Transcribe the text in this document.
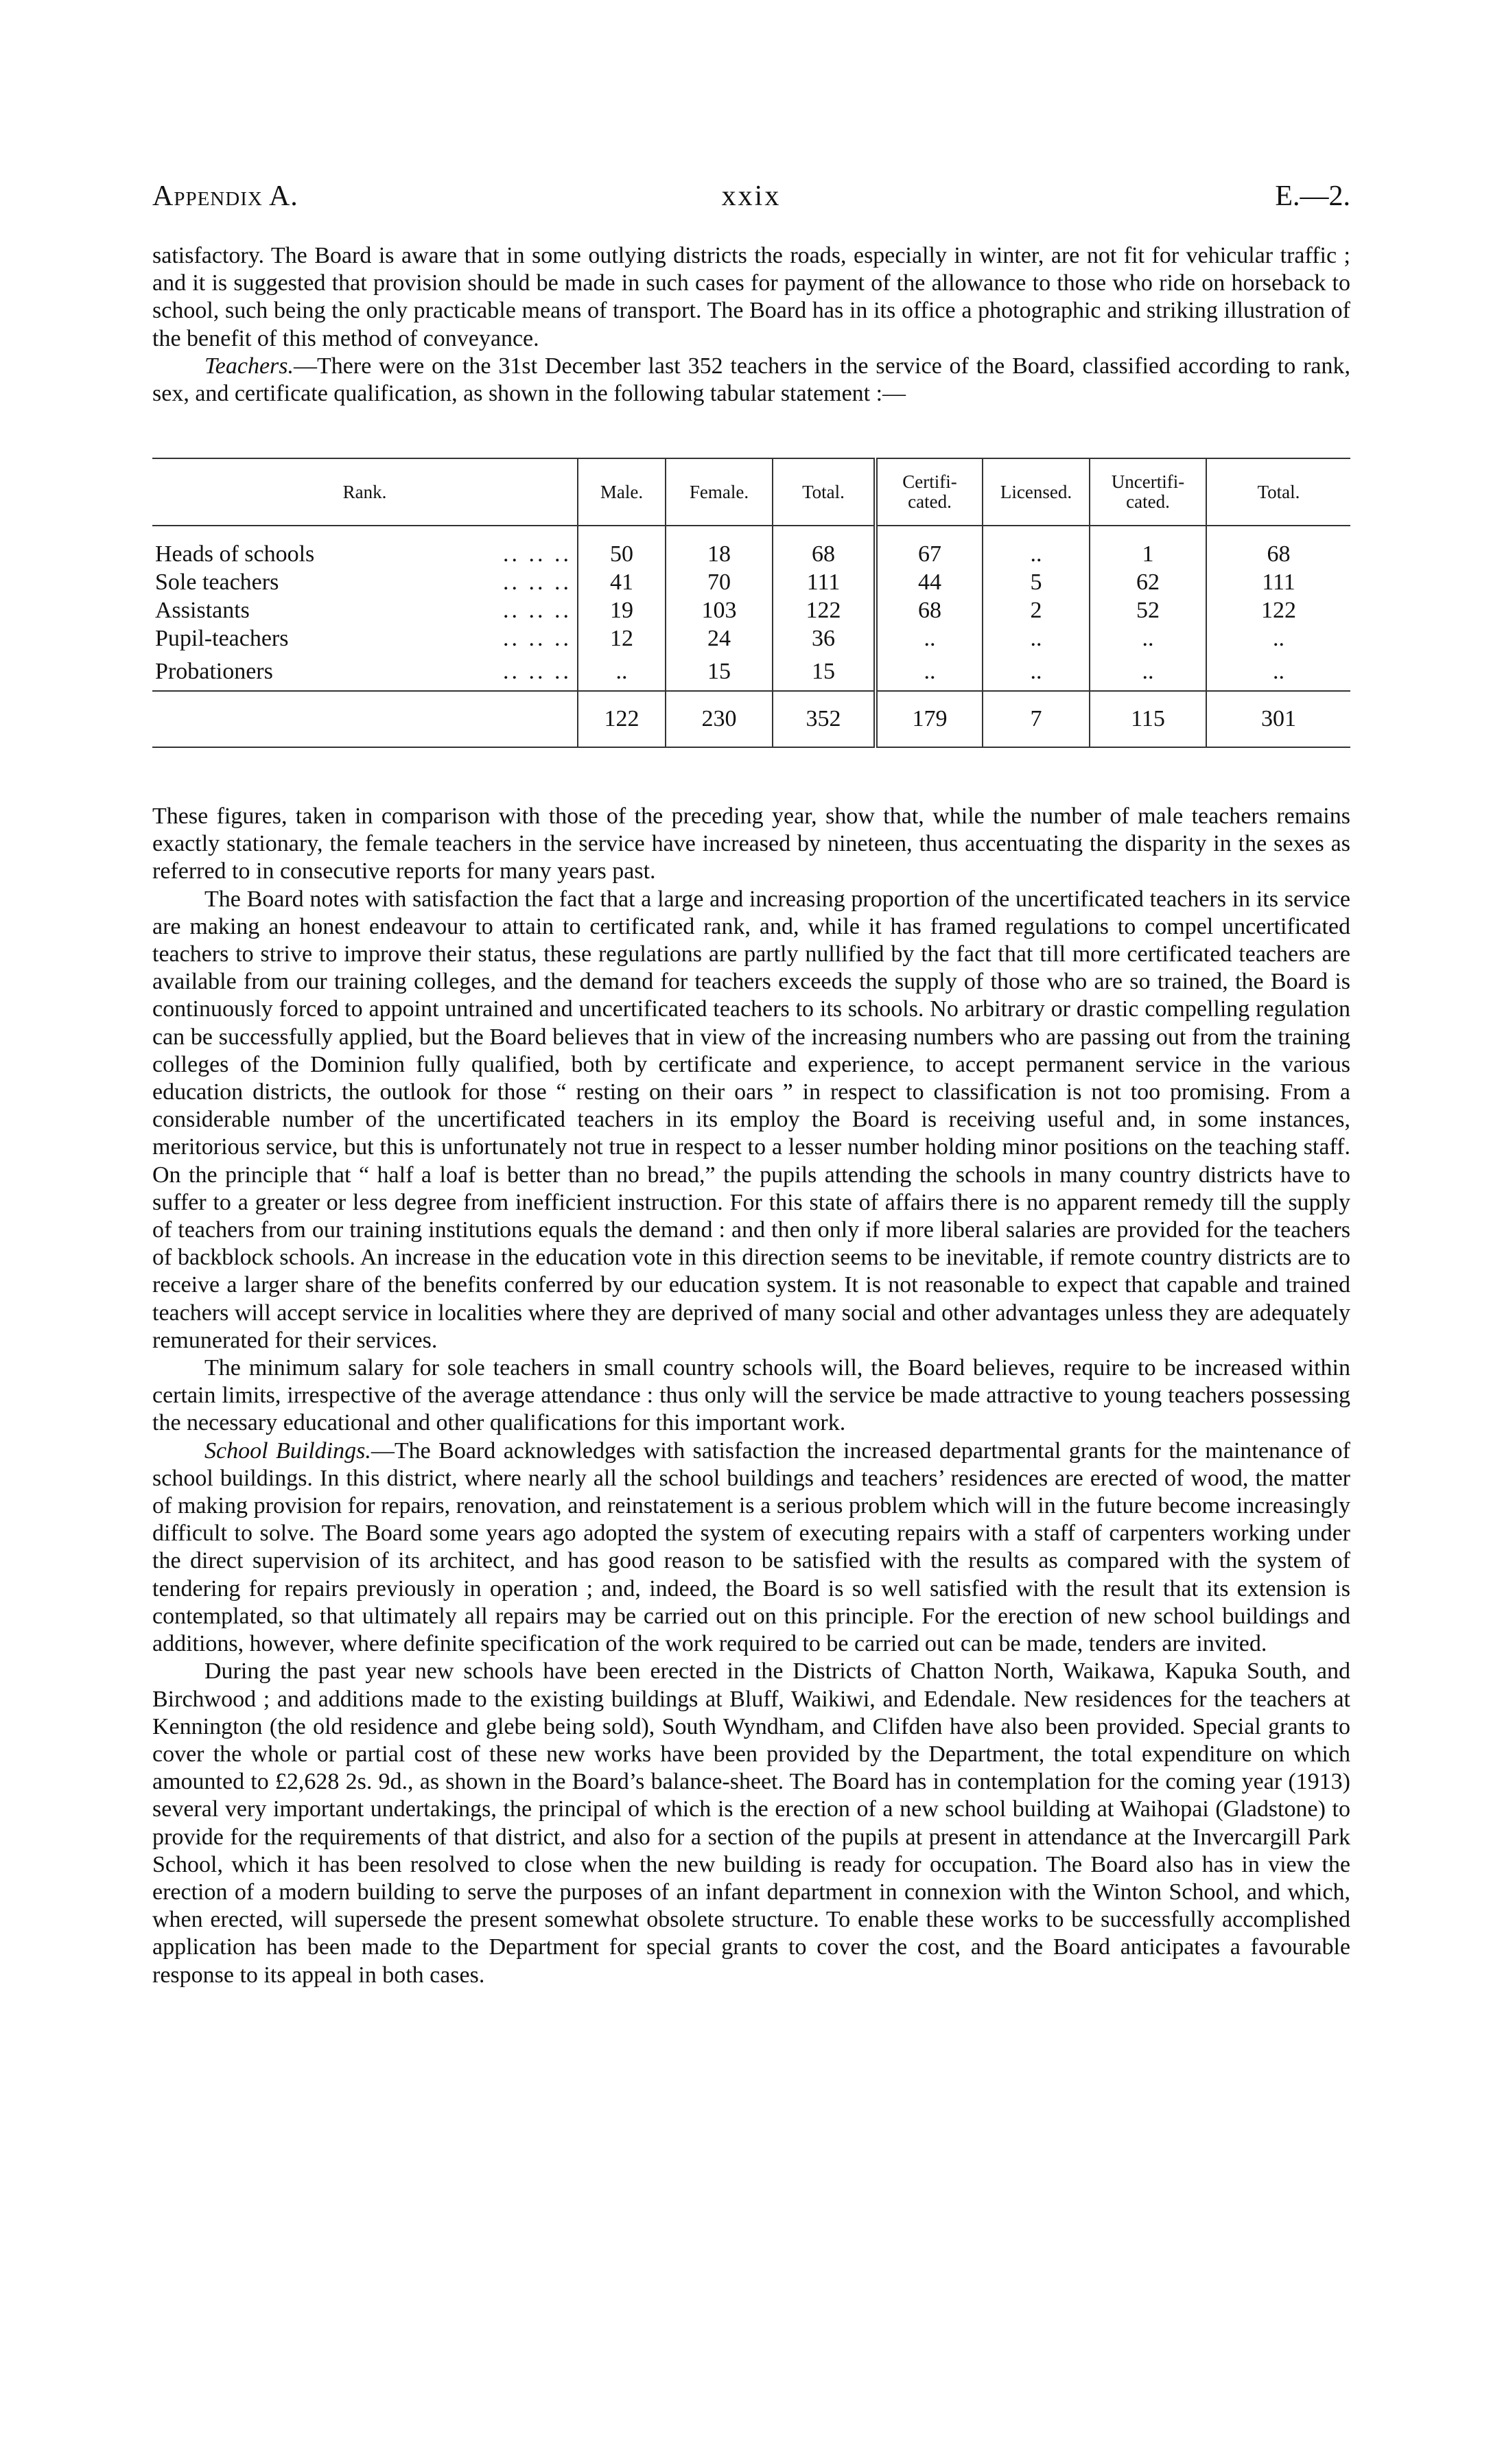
Appendix A.	xxix	E.—2.

satisfactory. The Board is aware that in some outlying districts the roads, especially in winter, are not fit for vehicular traffic ; and it is suggested that provision should be made in such cases for payment of the allowance to those who ride on horseback to school, such being the only practicable means of transport. The Board has in its office a photographic and striking illustration of the benefit of this method of conveyance.

Teachers.—There were on the 31st December last 352 teachers in the service of the Board, classified according to rank, sex, and certificate qualification, as shown in the following tabular statement :—

Rank.	Male.	Female.	Total.	Certifi-cated.	Licensed.	Uncertifi-cated.	Total.

Heads of schools .. .. ..	50	18	68	67	..	1	68
Sole teachers .. .. ..	41	70	111	44	5	62	111
Assistants .. .. ..	19	103	122	68	2	52	122
Pupil-teachers .. .. ..	12	24	36	..	..	..	..
Probationers .. .. ..	..	15	15	..	..	..	..
	122	230	352	179	7	115	301

These figures, taken in comparison with those of the preceding year, show that, while the number of male teachers remains exactly stationary, the female teachers in the service have increased by nineteen, thus accentuating the disparity in the sexes as referred to in consecutive reports for many years past.

The Board notes with satisfaction the fact that a large and increasing proportion of the uncertificated teachers in its service are making an honest endeavour to attain to certificated rank, and, while it has framed regulations to compel uncertificated teachers to strive to improve their status, these regulations are partly nullified by the fact that till more certificated teachers are available from our training colleges, and the demand for teachers exceeds the supply of those who are so trained, the Board is continuously forced to appoint untrained and uncertificated teachers to its schools. No arbitrary or drastic compelling regulation can be successfully applied, but the Board believes that in view of the increasing numbers who are passing out from the training colleges of the Dominion fully qualified, both by certificate and experience, to accept permanent service in the various education districts, the outlook for those “ resting on their oars ” in respect to classification is not too promising. From a considerable number of the uncertificated teachers in its employ the Board is receiving useful and, in some instances, meritorious service, but this is unfortunately not true in respect to a lesser number holding minor positions on the teaching staff. On the principle that “ half a loaf is better than no bread,” the pupils attending the schools in many country districts have to suffer to a greater or less degree from inefficient instruction. For this state of affairs there is no apparent remedy till the supply of teachers from our training institutions equals the demand : and then only if more liberal salaries are provided for the teachers of backblock schools. An increase in the education vote in this direction seems to be inevitable, if remote country districts are to receive a larger share of the benefits conferred by our education system. It is not reasonable to expect that capable and trained teachers will accept service in localities where they are deprived of many social and other advantages unless they are adequately remunerated for their services.

The minimum salary for sole teachers in small country schools will, the Board believes, require to be increased within certain limits, irrespective of the average attendance : thus only will the service be made attractive to young teachers possessing the necessary educational and other qualifications for this important work.

School Buildings.—The Board acknowledges with satisfaction the increased departmental grants for the maintenance of school buildings. In this district, where nearly all the school buildings and teachers’ residences are erected of wood, the matter of making provision for repairs, renovation, and reinstatement is a serious problem which will in the future become increasingly difficult to solve. The Board some years ago adopted the system of executing repairs with a staff of carpenters working under the direct supervision of its architect, and has good reason to be satisfied with the results as compared with the system of tendering for repairs previously in operation ; and, indeed, the Board is so well satisfied with the result that its extension is contemplated, so that ultimately all repairs may be carried out on this principle. For the erection of new school buildings and additions, however, where definite specification of the work required to be carried out can be made, tenders are invited.

During the past year new schools have been erected in the Districts of Chatton North, Waikawa, Kapuka South, and Birchwood ; and additions made to the existing buildings at Bluff, Waikiwi, and Edendale. New residences for the teachers at Kennington (the old residence and glebe being sold), South Wyndham, and Clifden have also been provided. Special grants to cover the whole or partial cost of these new works have been provided by the Department, the total expenditure on which amounted to £2,628 2s. 9d., as shown in the Board’s balance-sheet. The Board has in contemplation for the coming year (1913) several very important undertakings, the principal of which is the erection of a new school building at Waihopai (Gladstone) to provide for the requirements of that district, and also for a section of the pupils at present in attendance at the Invercargill Park School, which it has been resolved to close when the new building is ready for occupation. The Board also has in view the erection of a modern building to serve the purposes of an infant department in connexion with the Winton School, and which, when erected, will supersede the present somewhat obsolete structure. To enable these works to be successfully accomplished application has been made to the Department for special grants to cover the cost, and the Board anticipates a favourable response to its appeal in both cases.
